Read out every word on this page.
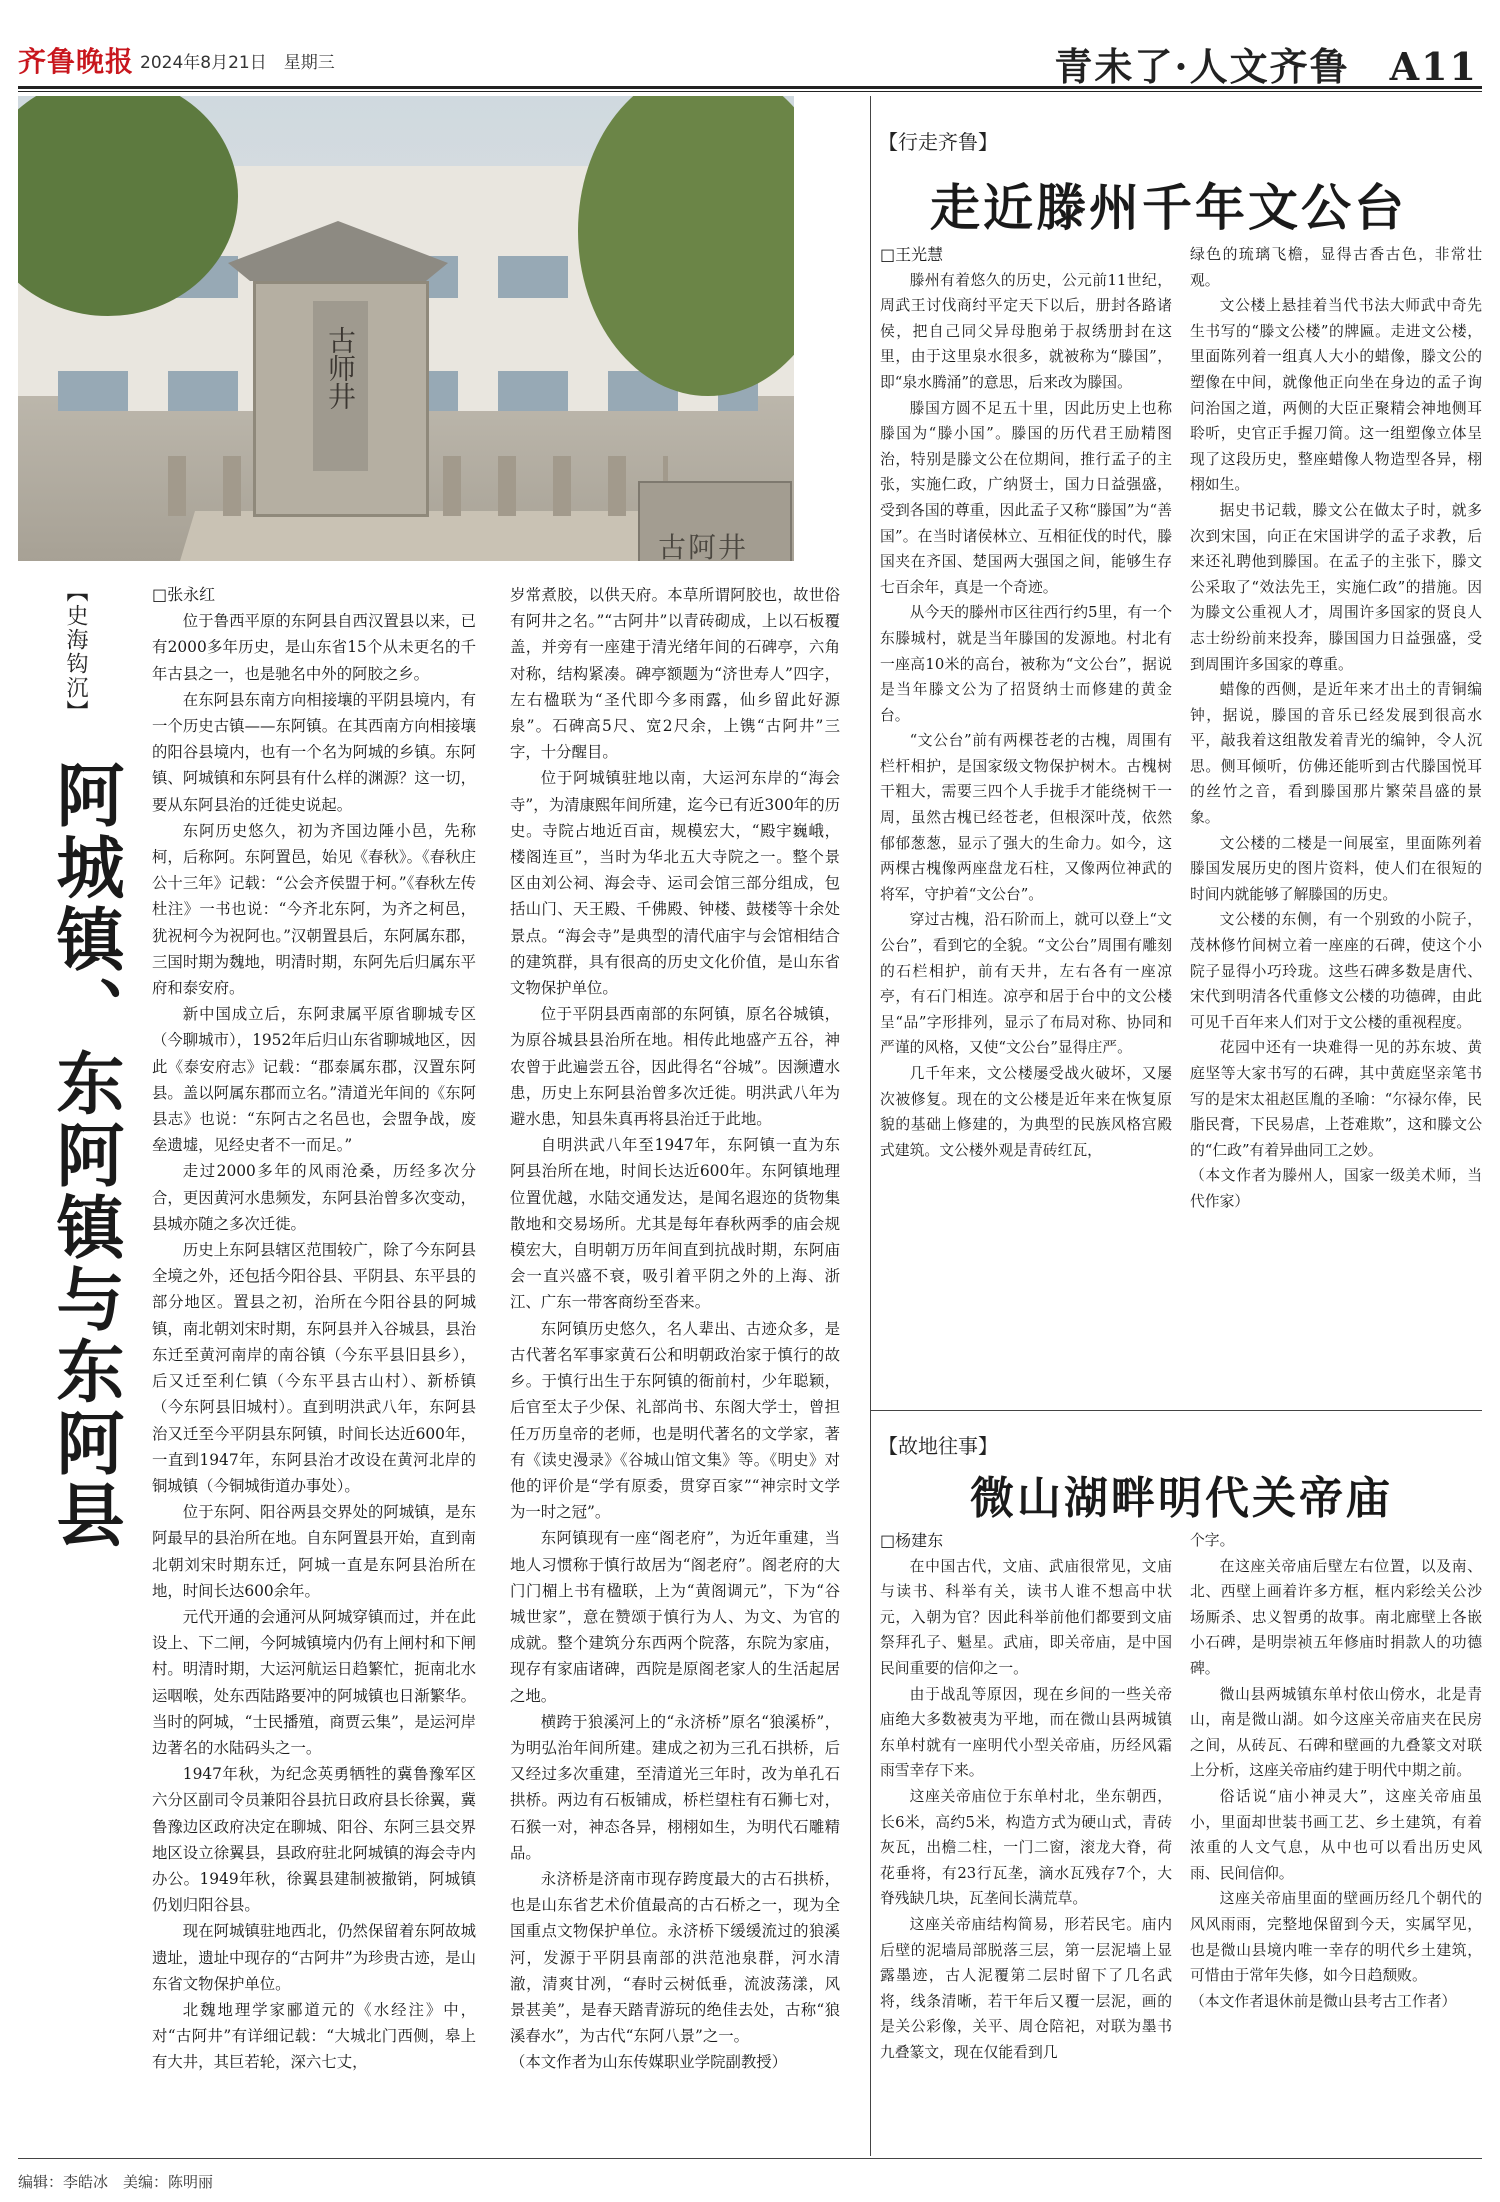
齐鲁晚报 2024年8月21日　星期三	青未了·人文齐鲁　A11
古师井
古阿井
【史海钩沉】
阿城镇、东阿镇与东阿县

□张永红

位于鲁西平原的东阿县自西汉置县以来，已有2000多年历史，是山东省15个从未更名的千年古县之一，也是驰名中外的阿胶之乡。

在东阿县东南方向相接壤的平阴县境内，有一个历史古镇——东阿镇。在其西南方向相接壤的阳谷县境内，也有一个名为阿城的乡镇。东阿镇、阿城镇和东阿县有什么样的渊源？这一切，要从东阿县治的迁徙史说起。

东阿历史悠久，初为齐国边陲小邑，先称柯，后称阿。东阿置邑，始见《春秋》。《春秋庄公十三年》记载：“公会齐侯盟于柯。”《春秋左传杜注》一书也说：“今齐北东阿，为齐之柯邑，犹祝柯今为祝阿也。”汉朝置县后，东阿属东郡，三国时期为魏地，明清时期，东阿先后归属东平府和泰安府。

新中国成立后，东阿隶属平原省聊城专区（今聊城市），1952年后归山东省聊城地区，因此《泰安府志》记载：“郡泰属东郡，汉置东阿县。盖以阿属东郡而立名。”清道光年间的《东阿县志》也说：“东阿古之名邑也，会盟争战，废垒遗墟，见经史者不一而足。”

走过2000多年的风雨沧桑，历经多次分合，更因黄河水患频发，东阿县治曾多次变动，县城亦随之多次迁徙。

历史上东阿县辖区范围较广，除了今东阿县全境之外，还包括今阳谷县、平阴县、东平县的部分地区。置县之初，治所在今阳谷县的阿城镇，南北朝刘宋时期，东阿县并入谷城县，县治东迁至黄河南岸的南谷镇（今东平县旧县乡），后又迁至利仁镇（今东平县古山村）、新桥镇（今东阿县旧城村）。直到明洪武八年，东阿县治又迁至今平阴县东阿镇，时间长达近600年，一直到1947年，东阿县治才改设在黄河北岸的铜城镇（今铜城街道办事处）。

位于东阿、阳谷两县交界处的阿城镇，是东阿最早的县治所在地。自东阿置县开始，直到南北朝刘宋时期东迁，阿城一直是东阿县治所在地，时间长达600余年。

元代开通的会通河从阿城穿镇而过，并在此设上、下二闸，今阿城镇境内仍有上闸村和下闸村。明清时期，大运河航运日趋繁忙，扼南北水运咽喉，处东西陆路要冲的阿城镇也日渐繁华。当时的阿城，“士民播殖，商贾云集”，是运河岸边著名的水陆码头之一。

1947年秋，为纪念英勇牺牲的冀鲁豫军区六分区副司令员兼阳谷县抗日政府县长徐翼，冀鲁豫边区政府决定在聊城、阳谷、东阿三县交界地区设立徐翼县，县政府驻北阿城镇的海会寺内办公。1949年秋，徐翼县建制被撤销，阿城镇仍划归阳谷县。

现在阿城镇驻地西北，仍然保留着东阿故城遗址，遗址中现存的“古阿井”为珍贵古迹，是山东省文物保护单位。

北魏地理学家郦道元的《水经注》中，对“古阿井”有详细记载：“大城北门西侧，皋上有大井，其巨若轮，深六七丈，

岁常煮胶，以供天府。本草所谓阿胶也，故世俗有阿井之名。”“古阿井”以青砖砌成，上以石板覆盖，并旁有一座建于清光绪年间的石碑亭，六角对称，结构紧凑。碑亭额题为“济世寿人”四字，左右楹联为“圣代即今多雨露，仙乡留此好源泉”。石碑高5尺、宽2尺余，上镌“古阿井”三字，十分醒目。

位于阿城镇驻地以南，大运河东岸的“海会寺”，为清康熙年间所建，迄今已有近300年的历史。寺院占地近百亩，规模宏大，“殿宇巍峨，楼阁连亘”，当时为华北五大寺院之一。整个景区由刘公祠、海会寺、运司会馆三部分组成，包括山门、天王殿、千佛殿、钟楼、鼓楼等十余处景点。“海会寺”是典型的清代庙宇与会馆相结合的建筑群，具有很高的历史文化价值，是山东省文物保护单位。

位于平阴县西南部的东阿镇，原名谷城镇，为原谷城县县治所在地。相传此地盛产五谷，神农曾于此遍尝五谷，因此得名“谷城”。因濒遭水患，历史上东阿县治曾多次迁徙。明洪武八年为避水患，知县朱真再将县治迁于此地。

自明洪武八年至1947年，东阿镇一直为东阿县治所在地，时间长达近600年。东阿镇地理位置优越，水陆交通发达，是闻名遐迩的货物集散地和交易场所。尤其是每年春秋两季的庙会规模宏大，自明朝万历年间直到抗战时期，东阿庙会一直兴盛不衰，吸引着平阴之外的上海、浙江、广东一带客商纷至沓来。

东阿镇历史悠久，名人辈出、古迹众多，是古代著名军事家黄石公和明朝政治家于慎行的故乡。于慎行出生于东阿镇的衙前村，少年聪颖，后官至太子少保、礼部尚书、东阁大学士，曾担任万历皇帝的老师，也是明代著名的文学家，著有《读史漫录》《谷城山馆文集》等。《明史》对他的评价是“学有原委，贯穿百家”“神宗时文学为一时之冠”。

东阿镇现有一座“阁老府”，为近年重建，当地人习惯称于慎行故居为“阁老府”。阁老府的大门门楣上书有楹联，上为“黄阁调元”，下为“谷城世家”，意在赞颂于慎行为人、为文、为官的成就。整个建筑分东西两个院落，东院为家庙，现存有家庙诸碑，西院是原阁老家人的生活起居之地。

横跨于狼溪河上的“永济桥”原名“狼溪桥”，为明弘治年间所建。建成之初为三孔石拱桥，后又经过多次重建，至清道光三年时，改为单孔石拱桥。两边有石板铺成，桥栏望柱有石狮七对，石猴一对，神态各异，栩栩如生，为明代石雕精品。

永济桥是济南市现存跨度最大的古石拱桥，也是山东省艺术价值最高的古石桥之一，现为全国重点文物保护单位。永济桥下缓缓流过的狼溪河，发源于平阴县南部的洪范池泉群，河水清澈，清爽甘冽，“春时云树低垂，流波荡漾，风景甚美”，是春天踏青游玩的绝佳去处，古称“狼溪春水”，为古代“东阿八景”之一。

（本文作者为山东传媒职业学院副教授）

【行走齐鲁】
走近滕州千年文公台

□王光慧

滕州有着悠久的历史，公元前11世纪，周武王讨伐商纣平定天下以后，册封各路诸侯，把自己同父异母胞弟于叔绣册封在这里，由于这里泉水很多，就被称为“滕国”，即“泉水腾涌”的意思，后来改为滕国。

滕国方圆不足五十里，因此历史上也称滕国为“滕小国”。滕国的历代君王励精图治，特别是滕文公在位期间，推行孟子的主张，实施仁政，广纳贤士，国力日益强盛，受到各国的尊重，因此孟子又称“滕国”为“善国”。在当时诸侯林立、互相征伐的时代，滕国夹在齐国、楚国两大强国之间，能够生存七百余年，真是一个奇迹。

从今天的滕州市区往西行约5里，有一个东滕城村，就是当年滕国的发源地。村北有一座高10米的高台，被称为“文公台”，据说是当年滕文公为了招贤纳士而修建的黄金台。

“文公台”前有两棵苍老的古槐，周围有栏杆相护，是国家级文物保护树木。古槐树干粗大，需要三四个人手拢手才能绕树干一周，虽然古槐已经苍老，但根深叶茂，依然郁郁葱葱，显示了强大的生命力。如今，这两棵古槐像两座盘龙石柱，又像两位神武的将军，守护着“文公台”。

穿过古槐，沿石阶而上，就可以登上“文公台”，看到它的全貌。“文公台”周围有雕刻的石栏相护，前有天井，左右各有一座凉亭，有石门相连。凉亭和居于台中的文公楼呈“品”字形排列，显示了布局对称、协同和严谨的风格，又使“文公台”显得庄严。

几千年来，文公楼屡受战火破坏，又屡次被修复。现在的文公楼是近年来在恢复原貌的基础上修建的，为典型的民族风格宫殿式建筑。文公楼外观是青砖红瓦，

绿色的琉璃飞檐，显得古香古色，非常壮观。

文公楼上悬挂着当代书法大师武中奇先生书写的“滕文公楼”的牌匾。走进文公楼，里面陈列着一组真人大小的蜡像，滕文公的塑像在中间，就像他正向坐在身边的孟子询问治国之道，两侧的大臣正聚精会神地侧耳聆听，史官正手握刀简。这一组塑像立体呈现了这段历史，整座蜡像人物造型各异，栩栩如生。

据史书记载，滕文公在做太子时，就多次到宋国，向正在宋国讲学的孟子求教，后来还礼聘他到滕国。在孟子的主张下，滕文公采取了“效法先王，实施仁政”的措施。因为滕文公重视人才，周围许多国家的贤良人志士纷纷前来投奔，滕国国力日益强盛，受到周围许多国家的尊重。

蜡像的西侧，是近年来才出土的青铜编钟，据说，滕国的音乐已经发展到很高水平，敲我着这组散发着青光的编钟，令人沉思。侧耳倾听，仿佛还能听到古代滕国悦耳的丝竹之音，看到滕国那片繁荣昌盛的景象。

文公楼的二楼是一间展室，里面陈列着滕国发展历史的图片资料，使人们在很短的时间内就能够了解滕国的历史。

文公楼的东侧，有一个别致的小院子，茂林修竹间树立着一座座的石碑，使这个小院子显得小巧玲珑。这些石碑多数是唐代、宋代到明清各代重修文公楼的功德碑，由此可见千百年来人们对于文公楼的重视程度。

花园中还有一块难得一见的苏东坡、黄庭坚等大家书写的石碑，其中黄庭坚亲笔书写的是宋太祖赵匡胤的圣喻：“尔禄尔俸，民脂民膏，下民易虐，上苍难欺”，这和滕文公的“仁政”有着异曲同工之妙。

（本文作者为滕州人，国家一级美术师，当代作家）

【故地往事】
微山湖畔明代关帝庙

□杨建东

在中国古代，文庙、武庙很常见，文庙与读书、科举有关，读书人谁不想高中状元，入朝为官？因此科举前他们都要到文庙祭拜孔子、魁星。武庙，即关帝庙，是中国民间重要的信仰之一。

由于战乱等原因，现在乡间的一些关帝庙绝大多数被夷为平地，而在微山县两城镇东单村就有一座明代小型关帝庙，历经风霜雨雪幸存下来。

这座关帝庙位于东单村北，坐东朝西，长6米，高约5米，构造方式为硬山式，青砖灰瓦，出檐二柱，一门二窗，滚龙大脊，荷花垂将，有23行瓦垄，滴水瓦残存7个，大脊残缺几块，瓦垄间长满荒草。

这座关帝庙结构简易，形若民宅。庙内后壁的泥墙局部脱落三层，第一层泥墙上显露墨迹，古人泥覆第二层时留下了几名武将，线条清晰，若干年后又覆一层泥，画的是关公彩像，关平、周仓陪祀，对联为墨书九叠篆文，现在仅能看到几

个字。

在这座关帝庙后壁左右位置，以及南、北、西壁上画着许多方框，框内彩绘关公沙场厮杀、忠义智勇的故事。南北廊壁上各嵌小石碑，是明崇祯五年修庙时捐款人的功德碑。

微山县两城镇东单村依山傍水，北是青山，南是微山湖。如今这座关帝庙夹在民房之间，从砖瓦、石碑和壁画的九叠篆文对联上分析，这座关帝庙约建于明代中期之前。

俗话说“庙小神灵大”，这座关帝庙虽小，里面却世装书画工艺、乡土建筑，有着浓重的人文气息，从中也可以看出历史风雨、民间信仰。

这座关帝庙里面的壁画历经几个朝代的风风雨雨，完整地保留到今天，实属罕见，也是微山县境内唯一幸存的明代乡土建筑，可惜由于常年失修，如今日趋颓败。

（本文作者退休前是微山县考古工作者）

编辑：李皓冰　美编：陈明丽
